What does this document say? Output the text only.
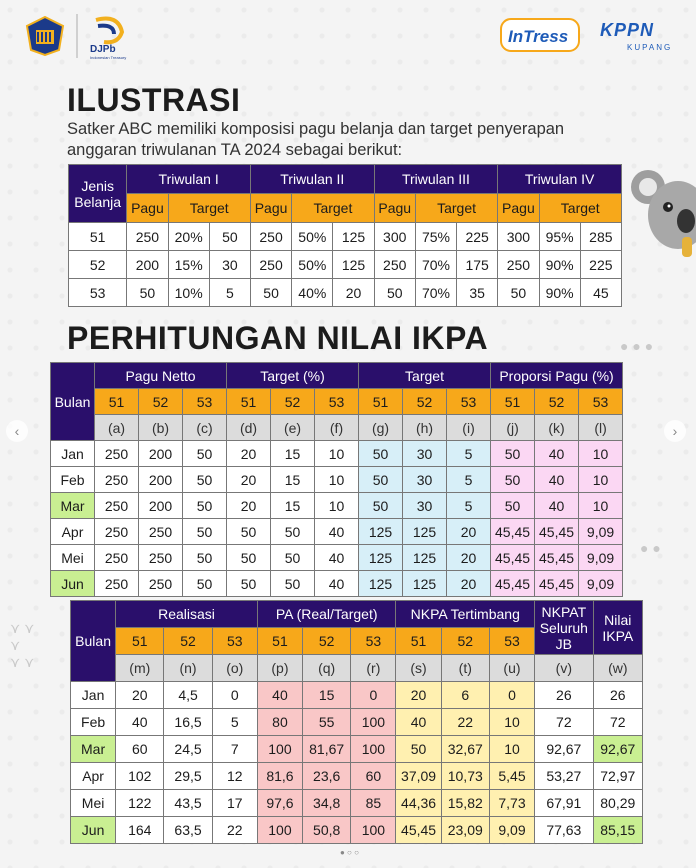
DJPb
Indonesian Treasury
InTress KPPN
KUPANG
ILUSTRASI
Satker ABC memiliki komposisi pagu belanja dan target penyerapan anggaran triwulanan TA 2024 sebagai berikut:
Jenis Belanja	Triwulan I			Triwulan II			Triwulan III			Triwulan IV		
	Pagu	Target		Pagu	Target		Pagu	Target		Pagu	Target	
51	250	20%	50	250	50%	125	300	75%	225	300	95%	285
52	200	15%	30	250	50%	125	250	70%	175	250	90%	225
53	50	10%	5	50	40%	20	50	70%	35	50	90%	45
PERHITUNGAN NILAI IKPA
Bulan	Pagu Netto			Target (%)			Target			Proporsi Pagu (%)		
	51	52	53	51	52	53	51	52	53	51	52	53
	(a)	(b)	(c)	(d)	(e)	(f)	(g)	(h)	(i)	(j)	(k)	(l)
Jan	250	200	50	20	15	10	50	30	5	50	40	10
Feb	250	200	50	20	15	10	50	30	5	50	40	10
Mar	250	200	50	20	15	10	50	30	5	50	40	10
Apr	250	250	50	50	50	40	125	125	20	45,45	45,45	9,09
Mei	250	250	50	50	50	40	125	125	20	45,45	45,45	9,09
Jun	250	250	50	50	50	40	125	125	20	45,45	45,45	9,09
Bulan	Realisasi			PA (Real/Target)			NKPA Tertimbang			NKPAT Seluruh JB	Nilai IKPA
	51	52	53	51	52	53	51	52	53		
	(m)	(n)	(o)	(p)	(q)	(r)	(s)	(t)	(u)	(v)	(w)
Jan	20	4,5	0	40	15	0	20	6	0	26	26
Feb	40	16,5	5	80	55	100	40	22	10	72	72
Mar	60	24,5	7	100	81,67	100	50	32,67	10	92,67	92,67
Apr	102	29,5	12	81,6	23,6	60	37,09	10,73	5,45	53,27	72,97
Mei	122	43,5	17	97,6	34,8	85	44,36	15,82	7,73	67,91	80,29
Jun	164	63,5	22	100	50,8	100	45,45	23,09	9,09	77,63	85,15
● ● ●
● ●
⋎ ⋎
⋎
⋎ ⋎
‹	›
● ○ ○
